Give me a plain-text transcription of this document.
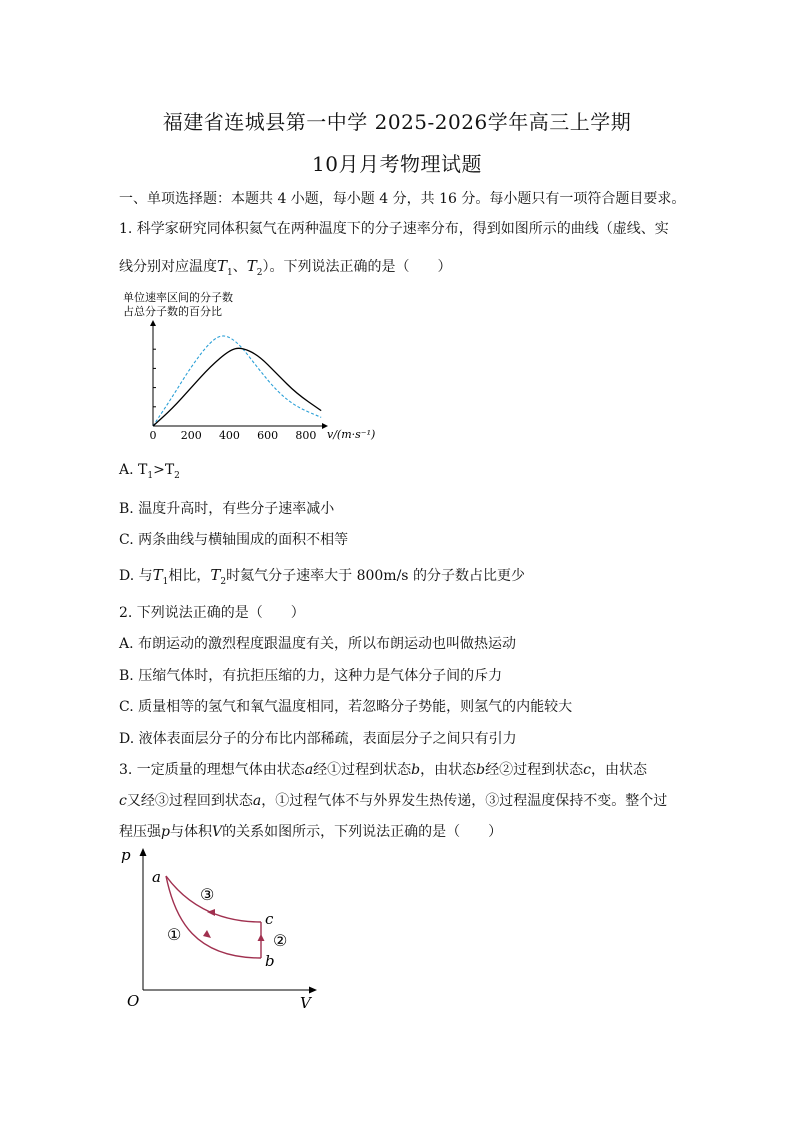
福建省连城县第一中学 2025-2026学年高三上学期
10月月考物理试题
一、单项选择题：本题共 4 小题，每小题 4 分，共 16 分。每小题只有一项符合题目要求。
1. 科学家研究同体积氦气在两种温度下的分子速率分布，得到如图所示的曲线（虚线、实
线分别对应温度$T_1$、$T_2$）。下列说法正确的是（　　）
单位速率区间的分子数
占总分子数的百分比
0 200 400 600 800 v/(m·s⁻¹)
A. $T_1>T_2$
B. 温度升高时，有些分子速率减小
C. 两条曲线与横轴围成的面积不相等
D. 与$T_1$相比，$T_2$时氦气分子速率大于 800m/s 的分子数占比更少
2. 下列说法正确的是（　　）
A. 布朗运动的激烈程度跟温度有关，所以布朗运动也叫做热运动
B. 压缩气体时，有抗拒压缩的力，这种力是气体分子间的斥力
C. 质量相等的氢气和氧气温度相同，若忽略分子势能，则氢气的内能较大
D. 液体表面层分子的分布比内部稀疏，表面层分子之间只有引力
3. 一定质量的理想气体由状态a经①过程到状态b，由状态b经②过程到状态c，由状态
c又经③过程回到状态a，①过程气体不与外界发生热传递，③过程温度保持不变。整个过
程压强p与体积V的关系如图所示，下列说法正确的是（　　）
p
V
O
a
b
c
①	②
③
